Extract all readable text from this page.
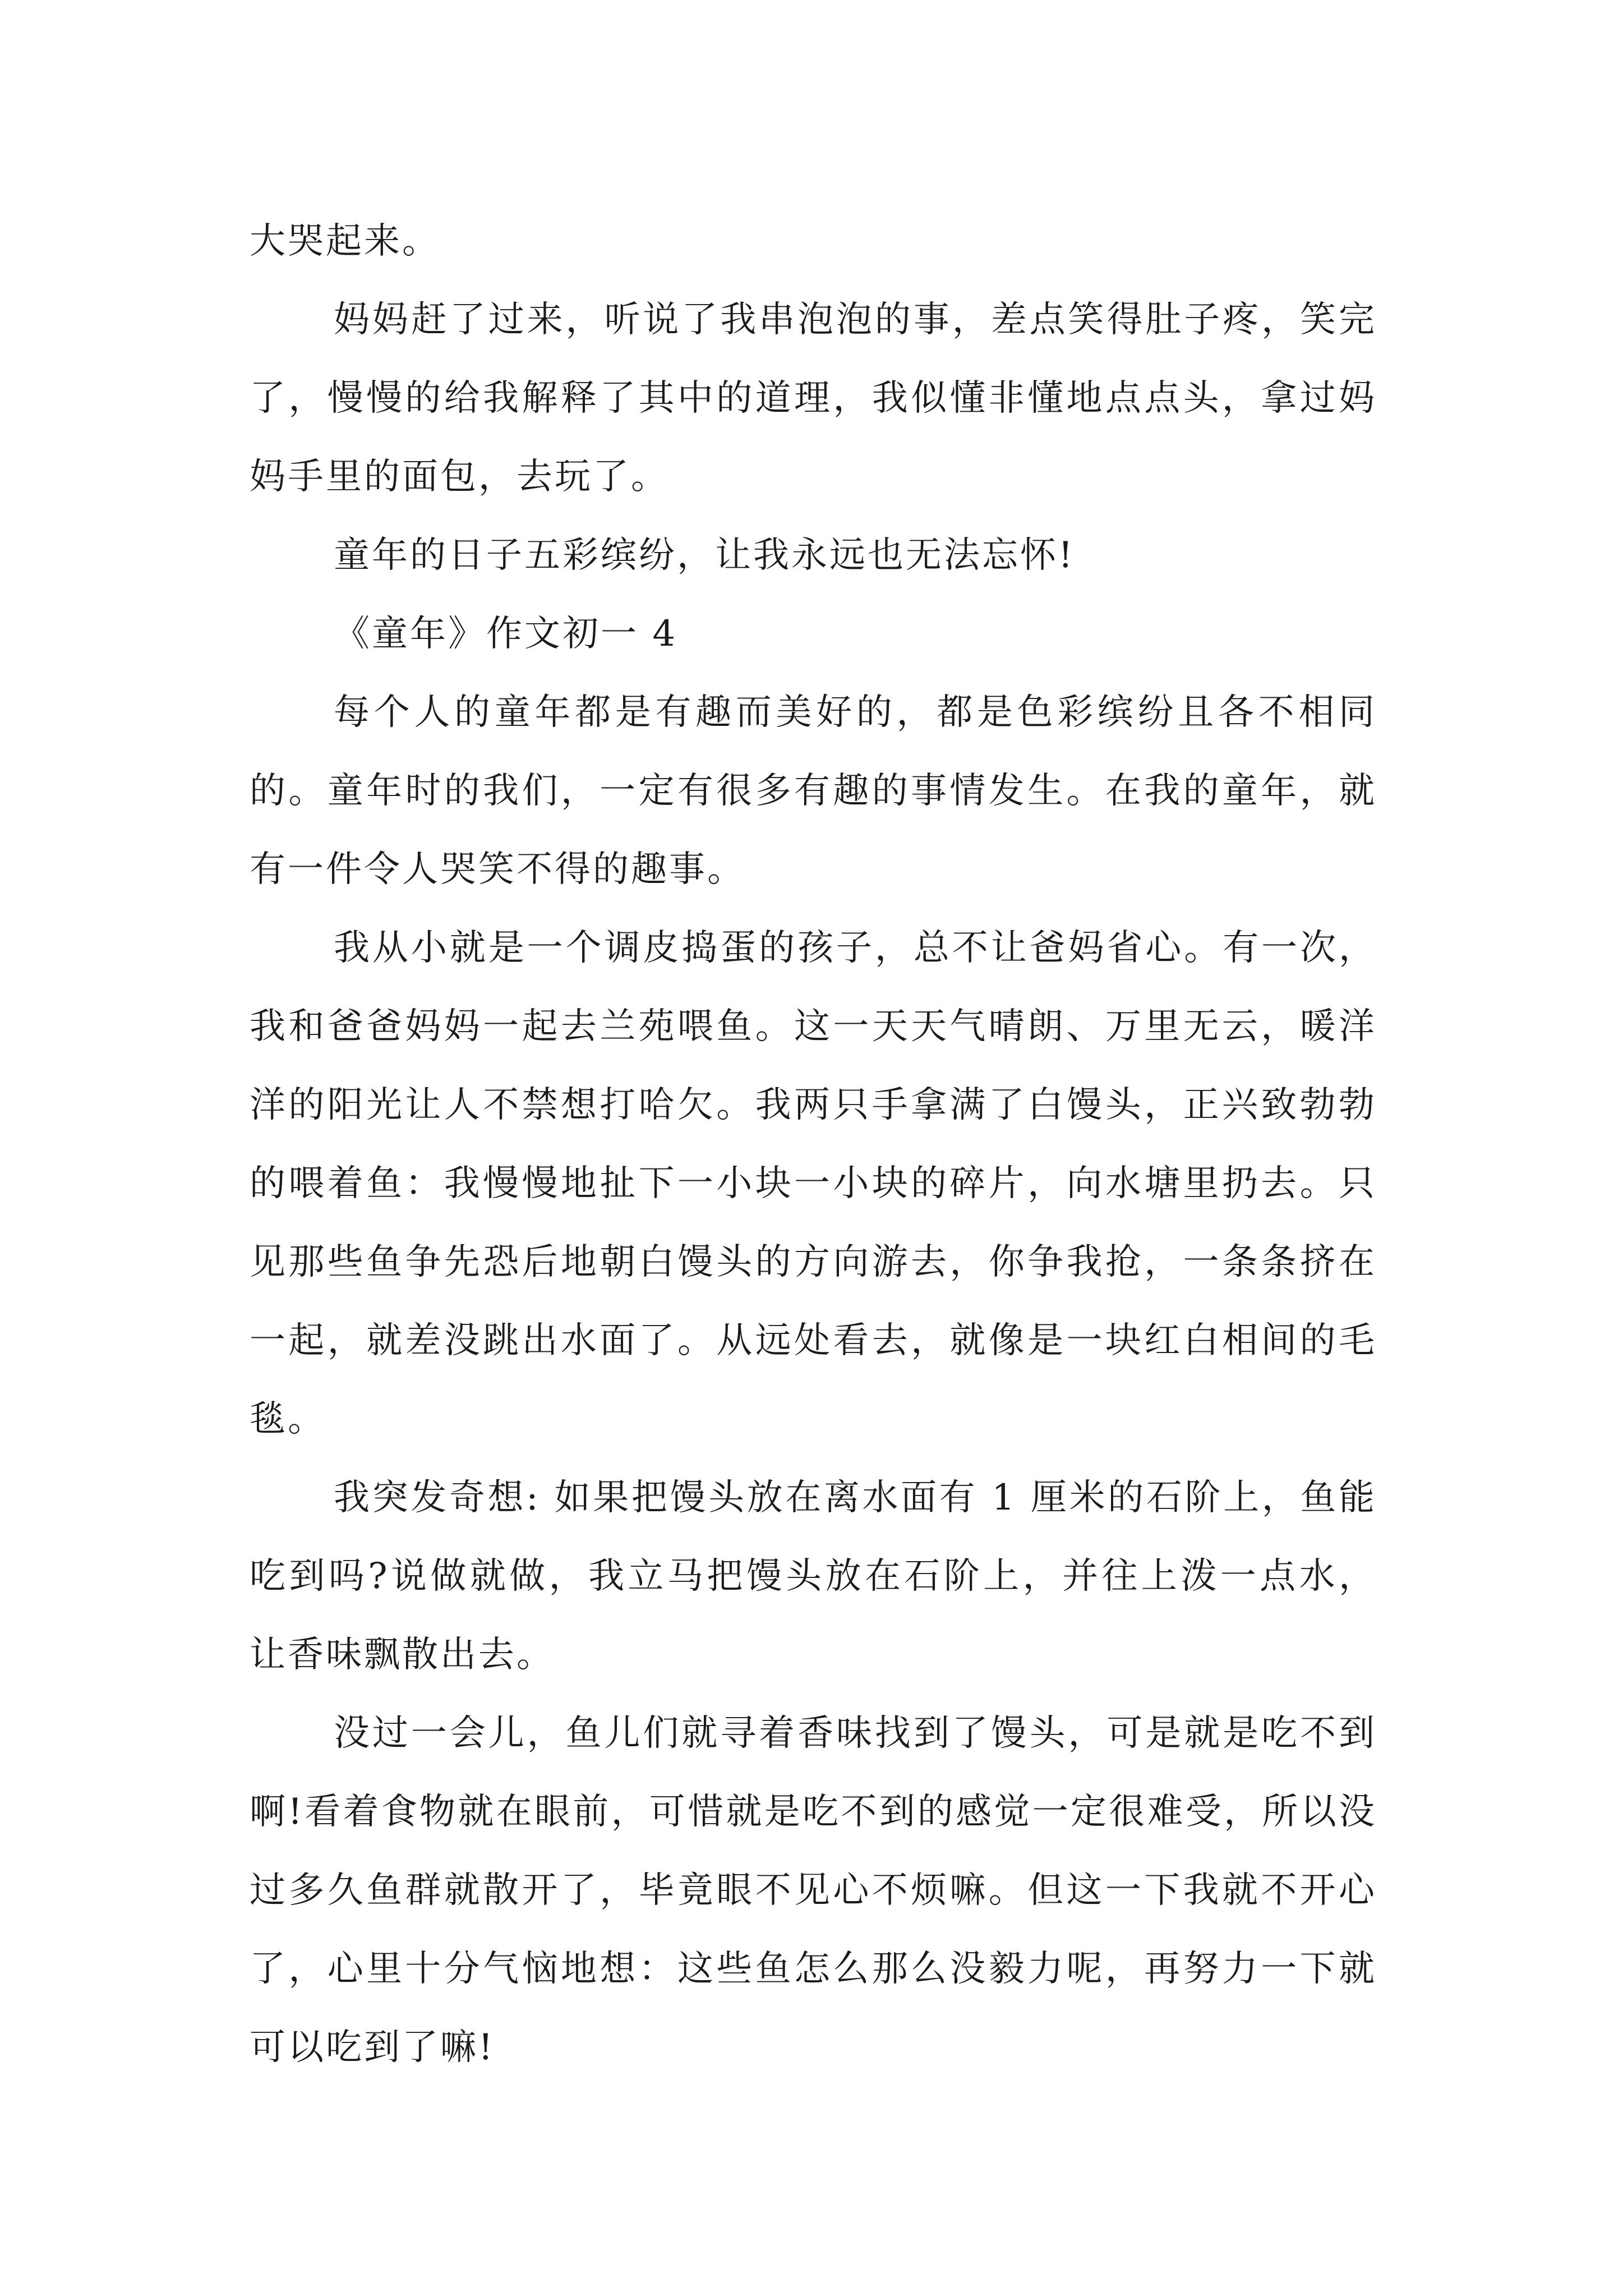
大哭起来。

妈妈赶了过来，听说了我串泡泡的事，差点笑得肚子疼，笑完了，慢慢的给我解释了其中的道理，我似懂非懂地点点头，拿过妈妈手里的面包，去玩了。

童年的日子五彩缤纷，让我永远也无法忘怀!

《童年》作文初一 4

每个人的童年都是有趣而美好的，都是色彩缤纷且各不相同的。童年时的我们，一定有很多有趣的事情发生。在我的童年，就有一件令人哭笑不得的趣事。

我从小就是一个调皮捣蛋的孩子，总不让爸妈省心。有一次，我和爸爸妈妈一起去兰苑喂鱼。这一天天气晴朗、万里无云，暖洋洋的阳光让人不禁想打哈欠。我两只手拿满了白馒头，正兴致勃勃的喂着鱼：我慢慢地扯下一小块一小块的碎片，向水塘里扔去。只见那些鱼争先恐后地朝白馒头的方向游去，你争我抢，一条条挤在一起，就差没跳出水面了。从远处看去，就像是一块红白相间的毛毯。

我突发奇想: 如果把馒头放在离水面有 1 厘米的石阶上，鱼能吃到吗?说做就做，我立马把馒头放在石阶上，并往上泼一点水，让香味飘散出去。

没过一会儿，鱼儿们就寻着香味找到了馒头，可是就是吃不到啊!看着食物就在眼前，可惜就是吃不到的感觉一定很难受，所以没过多久鱼群就散开了，毕竟眼不见心不烦嘛。但这一下我就不开心了，心里十分气恼地想：这些鱼怎么那么没毅力呢，再努力一下就可以吃到了嘛!
